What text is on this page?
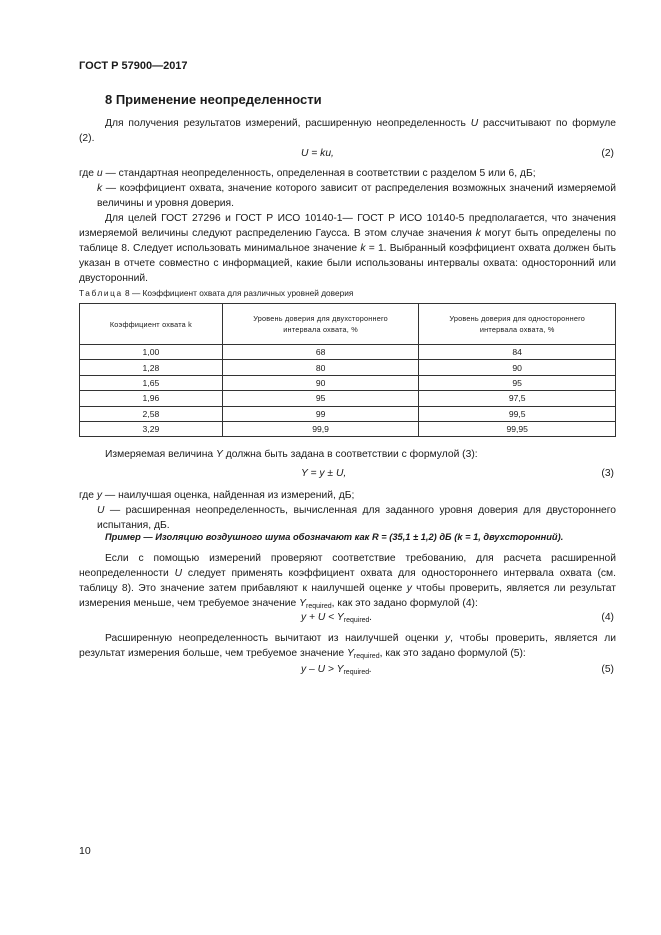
ГОСТ Р 57900—2017
8 Применение неопределенности
Для получения результатов измерений, расширенную неопределенность U рассчитывают по формуле (2).
U = ku,	(2)
где u — стандартная неопределенность, определенная в соответствии с разделом 5 или 6, дБ;
k — коэффициент охвата, значение которого зависит от распределения возможных значений измеряемой величины и уровня доверия.
Для целей ГОСТ 27296 и ГОСТ Р ИСО 10140-1— ГОСТ Р ИСО 10140-5 предполагается, что значения измеряемой величины следуют распределению Гаусса. В этом случае значения k могут быть определены по таблице 8. Следует использовать минимальное значение k = 1. Выбранный коэффициент охвата должен быть указан в отчете совместно с информацией, какие были использованы интервалы охвата: односторонний или двусторонний.
Таблица 8 — Коэффициент охвата для различных уровней доверия
Коэффициент охвата k	Уровень доверия для двухстороннего интервала охвата, %	Уровень доверия для одностороннего интервала охвата, %
1,00	68	84
1,28	80	90
1,65	90	95
1,96	95	97,5
2,58	99	99,5
3,29	99,9	99,95
Измеряемая величина Y должна быть задана в соответствии с формулой (3):
Y = y ± U,	(3)
где y — наилучшая оценка, найденная из измерений, дБ;
U — расширенная неопределенность, вычисленная для заданного уровня доверия для двустороннего испытания, дБ.
Пример — Изоляцию воздушного шума обозначают как R = (35,1 ± 1,2) дБ (k = 1, двухсторонний).
Если с помощью измерений проверяют соответствие требованию, для расчета расширенной неопределенности U следует применять коэффициент охвата для одностороннего интервала охвата (см. таблицу 8). Это значение затем прибавляют к наилучшей оценке y чтобы проверить, является ли результат измерения меньше, чем требуемое значение $Y_{required}$, как это задано формулой (4):
$y + U < Y_{required}$.	(4)
Расширенную неопределенность вычитают из наилучшей оценки y, чтобы проверить, является ли результат измерения больше, чем требуемое значение $Y_{required}$, как это задано формулой (5):
$y - U > Y_{required}$.	(5)
10
